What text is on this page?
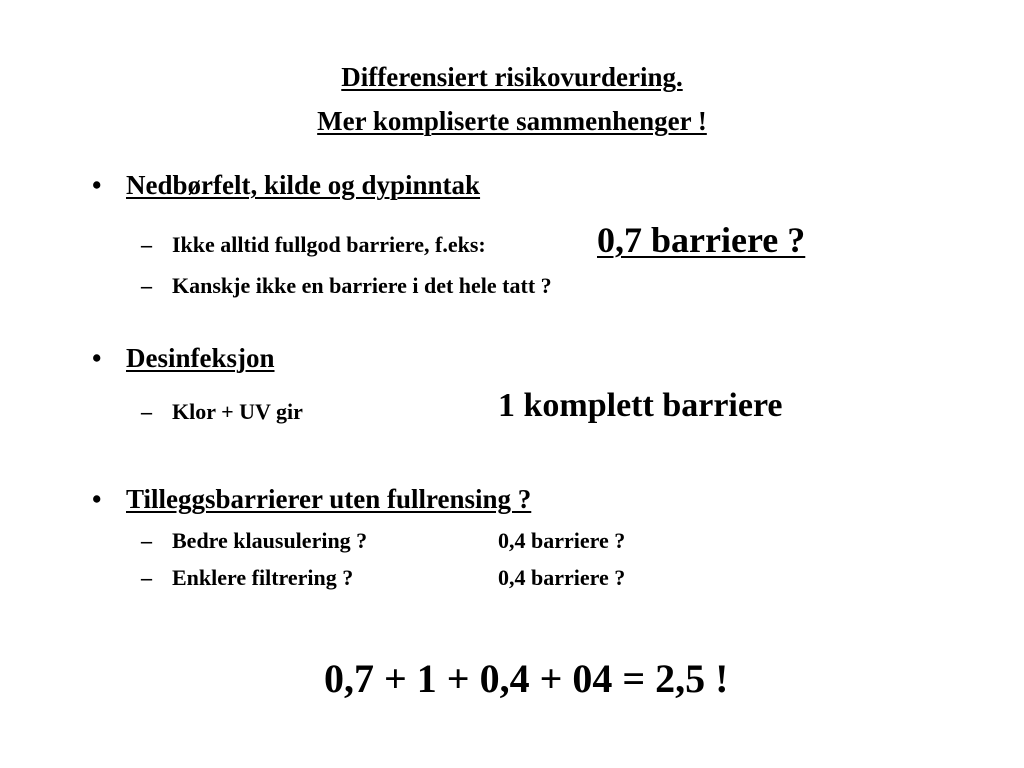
Differensiert risikovurdering.
Mer kompliserte sammenhenger !
• Nedbørfelt, kilde og dypinntak
– Ikke alltid fullgod barriere, f.eks:	0,7 barriere ?
– Kanskje ikke en barriere i det hele tatt ?
• Desinfeksjon
– Klor + UV gir	1 komplett barriere
• Tilleggsbarrierer uten fullrensing ?
– Bedre klausulering ?	0,4 barriere ?
– Enklere filtrering ?	0,4 barriere ?
0,7 + 1 + 0,4 + 04 = 2,5 !
